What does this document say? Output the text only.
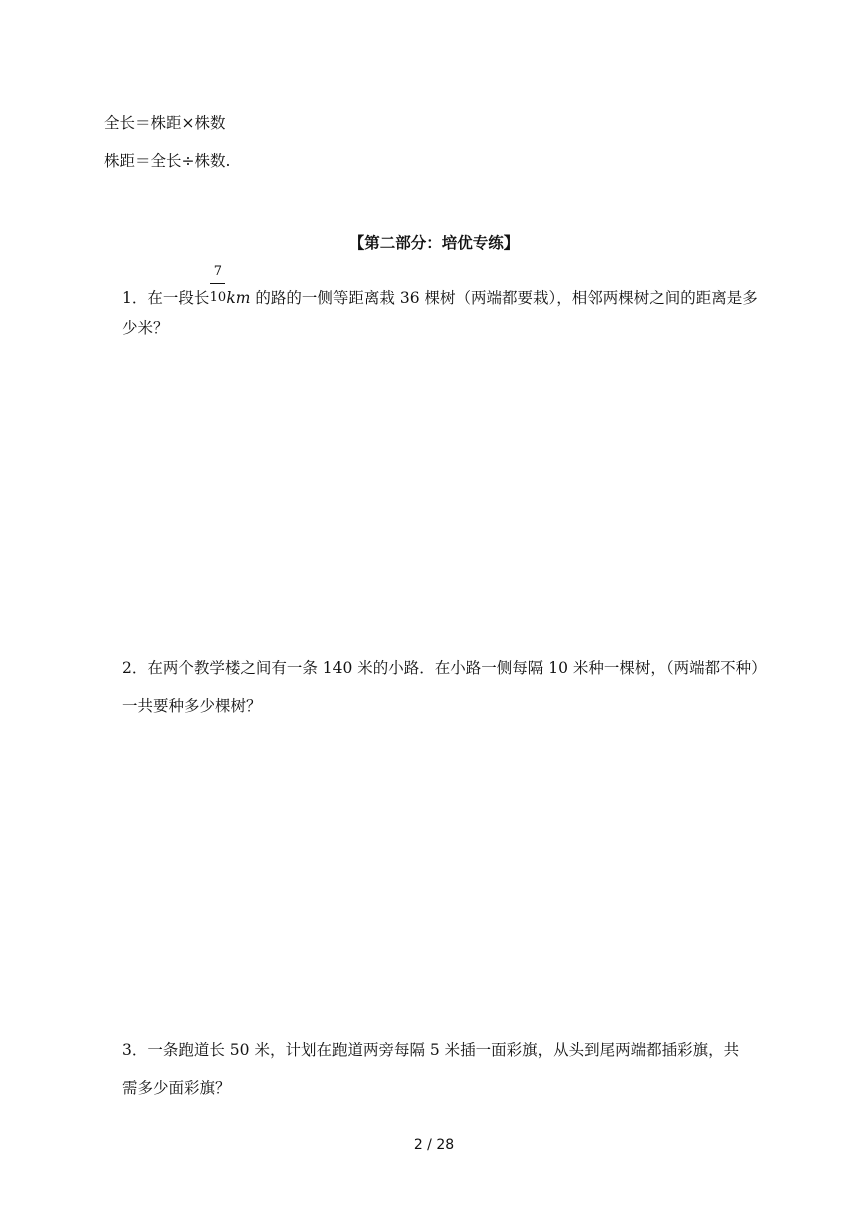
全长＝株距×株数
株距＝全长÷株数.
【第二部分：培优专练】
1．在一段长 $\frac{7}{10}$ km 的路的一侧等距离栽 36 棵树（两端都要栽），相邻两棵树之间的距离是多
少米？
2．在两个教学楼之间有一条 140 米的小路．在小路一侧每隔 10 米种一棵树，（两端都不种）
一共要种多少棵树？
3．一条跑道长 50 米，计划在跑道两旁每隔 5 米插一面彩旗，从头到尾两端都插彩旗，共
需多少面彩旗？
2 / 28
